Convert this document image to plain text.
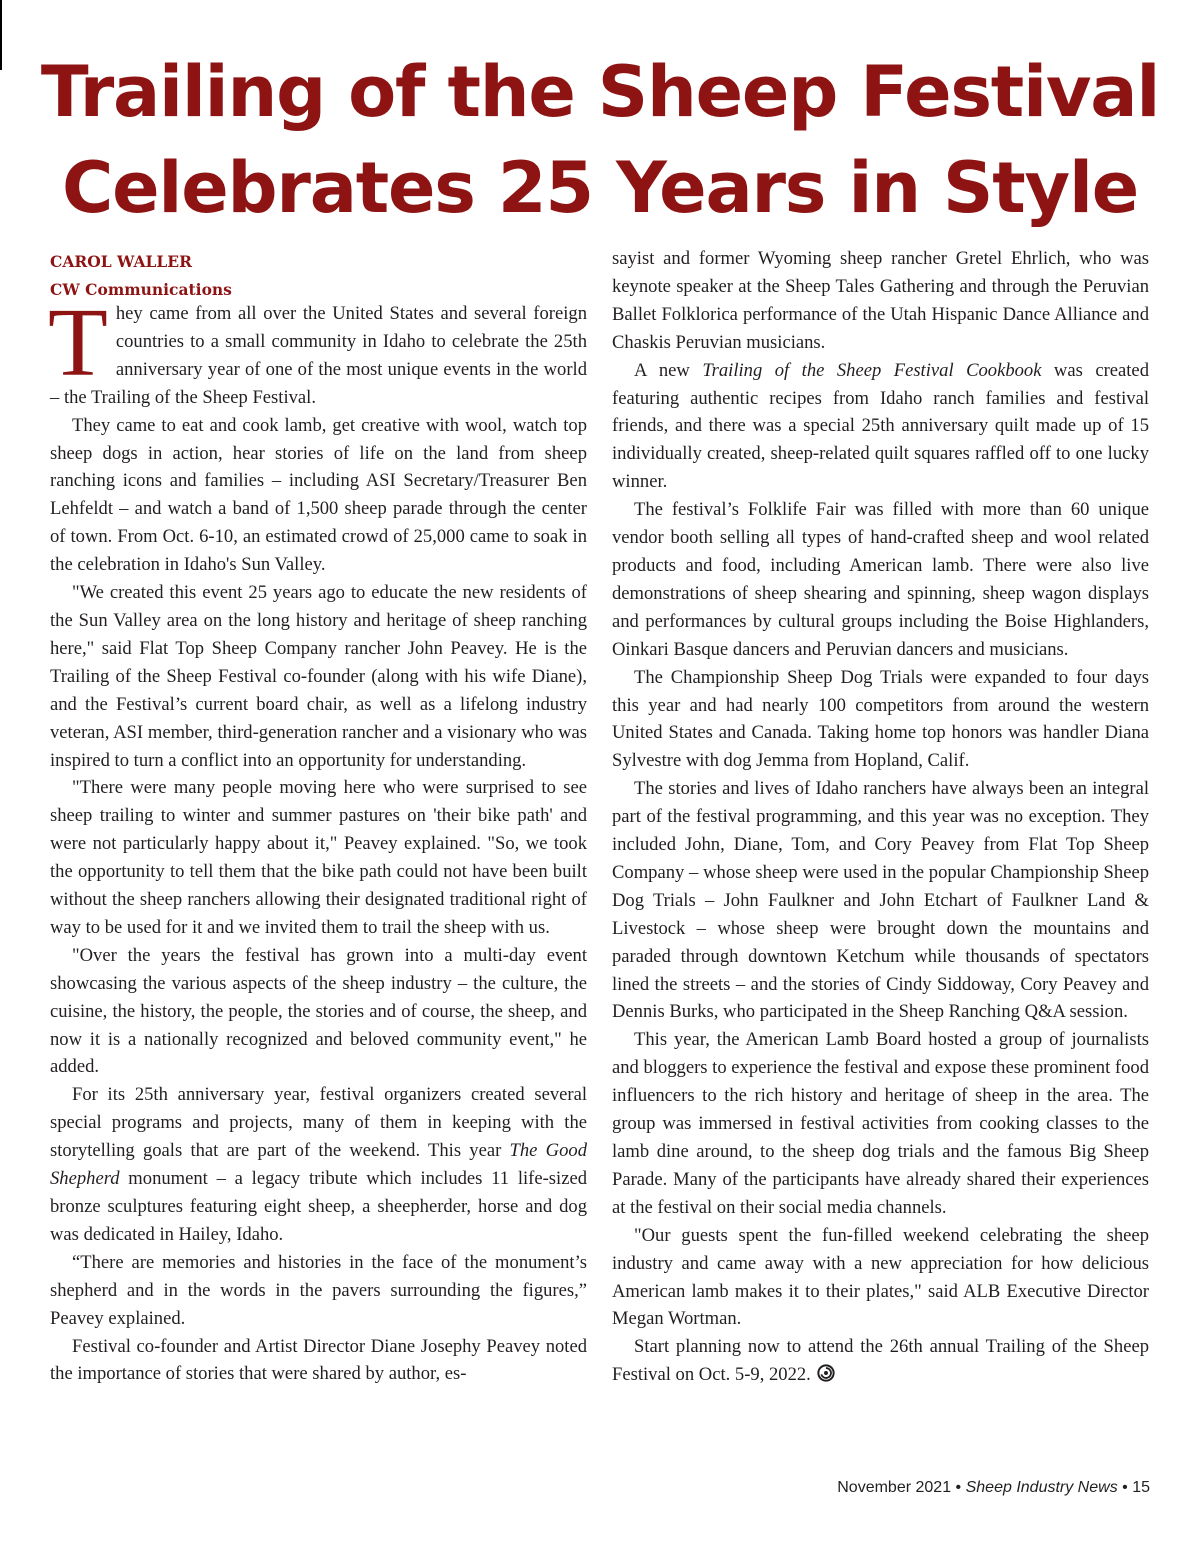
Trailing of the Sheep Festival
Celebrates 25 Years in Style
CAROL WALLER
CW Communications

They came from all over the United States and several foreign countries to a small community in Idaho to celebrate the 25th anniversary year of one of the most unique events in the world – the Trailing of the Sheep Festival.

They came to eat and cook lamb, get creative with wool, watch top sheep dogs in action, hear stories of life on the land from sheep ranching icons and families – including ASI Secretary/Treasurer Ben Lehfeldt – and watch a band of 1,500 sheep parade through the center of town. From Oct. 6-10, an estimated crowd of 25,000 came to soak in the celebration in Idaho's Sun Valley.

"We created this event 25 years ago to educate the new residents of the Sun Valley area on the long history and heritage of sheep ranching here," said Flat Top Sheep Company rancher John Peavey. He is the Trailing of the Sheep Festival co-founder (along with his wife Diane), and the Festival’s current board chair, as well as a lifelong industry veteran, ASI member, third-generation rancher and a visionary who was inspired to turn a conflict into an opportunity for understanding.

"There were many people moving here who were surprised to see sheep trailing to winter and summer pastures on 'their bike path' and were not particularly happy about it," Peavey explained. "So, we took the opportunity to tell them that the bike path could not have been built without the sheep ranchers allowing their designated traditional right of way to be used for it and we invited them to trail the sheep with us.

"Over the years the festival has grown into a multi-day event showcasing the various aspects of the sheep industry – the culture, the cuisine, the history, the people, the stories and of course, the sheep, and now it is a nationally recognized and beloved community event," he added.

For its 25th anniversary year, festival organizers created several special programs and projects, many of them in keeping with the storytelling goals that are part of the weekend. This year The Good Shepherd monument – a legacy tribute which includes 11 life-sized bronze sculptures featuring eight sheep, a sheepherder, horse and dog was dedicated in Hailey, Idaho.

“There are memories and histories in the face of the monument’s shepherd and in the words in the pavers surrounding the figures,” Peavey explained.

Festival co-founder and Artist Director Diane Josephy Peavey noted the importance of stories that were shared by author, es-

sayist and former Wyoming sheep rancher Gretel Ehrlich, who was keynote speaker at the Sheep Tales Gathering and through the Peruvian Ballet Folklorica performance of the Utah Hispanic Dance Alliance and Chaskis Peruvian musicians.

A new Trailing of the Sheep Festival Cookbook was created featuring authentic recipes from Idaho ranch families and festival friends, and there was a special 25th anniversary quilt made up of 15 individually created, sheep-related quilt squares raffled off to one lucky winner.

The festival’s Folklife Fair was filled with more than 60 unique vendor booth selling all types of hand-crafted sheep and wool related products and food, including American lamb. There were also live demonstrations of sheep shearing and spinning, sheep wagon displays and performances by cultural groups including the Boise Highlanders, Oinkari Basque dancers and Peruvian dancers and musicians.

The Championship Sheep Dog Trials were expanded to four days this year and had nearly 100 competitors from around the western United States and Canada. Taking home top honors was handler Diana Sylvestre with dog Jemma from Hopland, Calif.

The stories and lives of Idaho ranchers have always been an integral part of the festival programming, and this year was no exception. They included John, Diane, Tom, and Cory Peavey from Flat Top Sheep Company – whose sheep were used in the popular Championship Sheep Dog Trials – John Faulkner and John Etchart of Faulkner Land & Livestock – whose sheep were brought down the mountains and paraded through downtown Ketchum while thousands of spectators lined the streets – and the stories of Cindy Siddoway, Cory Peavey and Dennis Burks, who participated in the Sheep Ranching Q&A session.

This year, the American Lamb Board hosted a group of journalists and bloggers to experience the festival and expose these prominent food influencers to the rich history and heritage of sheep in the area. The group was immersed in festival activities from cooking classes to the lamb dine around, to the sheep dog trials and the famous Big Sheep Parade. Many of the participants have already shared their experiences at the festival on their social media channels.

"Our guests spent the fun-filled weekend celebrating the sheep industry and came away with a new appreciation for how delicious American lamb makes it to their plates," said ALB Executive Director Megan Wortman.

Start planning now to attend the 26th annual Trailing of the Sheep Festival on Oct. 5-9, 2022.

November 2021 • Sheep Industry News • 15
